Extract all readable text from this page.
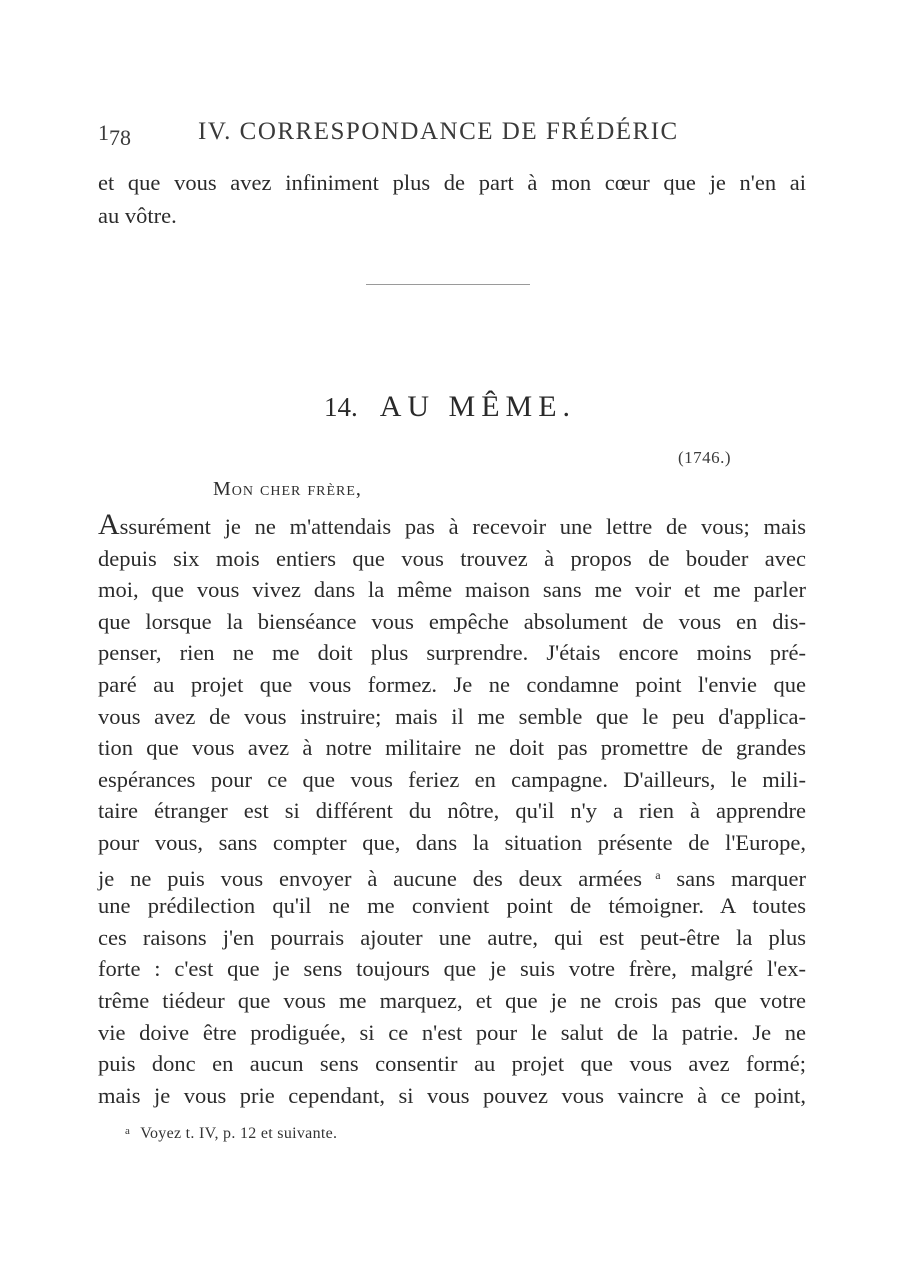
178	IV. CORRESPONDANCE DE FRÉDÉRIC
et que vous avez infiniment plus de part à mon cœur que je n'en ai
au vôtre.
14. AU MÊME.
(1746.)
Mon cher frère,
Assurément je ne m'attendais pas à recevoir une lettre de vous; mais
depuis six mois entiers que vous trouvez à propos de bouder avec
moi, que vous vivez dans la même maison sans me voir et me parler
que lorsque la bienséance vous empêche absolument de vous en dis-
penser, rien ne me doit plus surprendre. J'étais encore moins pré-
paré au projet que vous formez. Je ne condamne point l'envie que
vous avez de vous instruire; mais il me semble que le peu d'applica-
tion que vous avez à notre militaire ne doit pas promettre de grandes
espérances pour ce que vous feriez en campagne. D'ailleurs, le mili-
taire étranger est si différent du nôtre, qu'il n'y a rien à apprendre
pour vous, sans compter que, dans la situation présente de l'Europe,
je ne puis vous envoyer à aucune des deux armées $^a$ sans marquer
une prédilection qu'il ne me convient point de témoigner. A toutes
ces raisons j'en pourrais ajouter une autre, qui est peut-être la plus
forte : c'est que je sens toujours que je suis votre frère, malgré l'ex-
trême tiédeur que vous me marquez, et que je ne crois pas que votre
vie doive être prodiguée, si ce n'est pour le salut de la patrie. Je ne
puis donc en aucun sens consentir au projet que vous avez formé;
mais je vous prie cependant, si vous pouvez vous vaincre à ce point,
$^a$ Voyez t. IV, p. 12 et suivante.
